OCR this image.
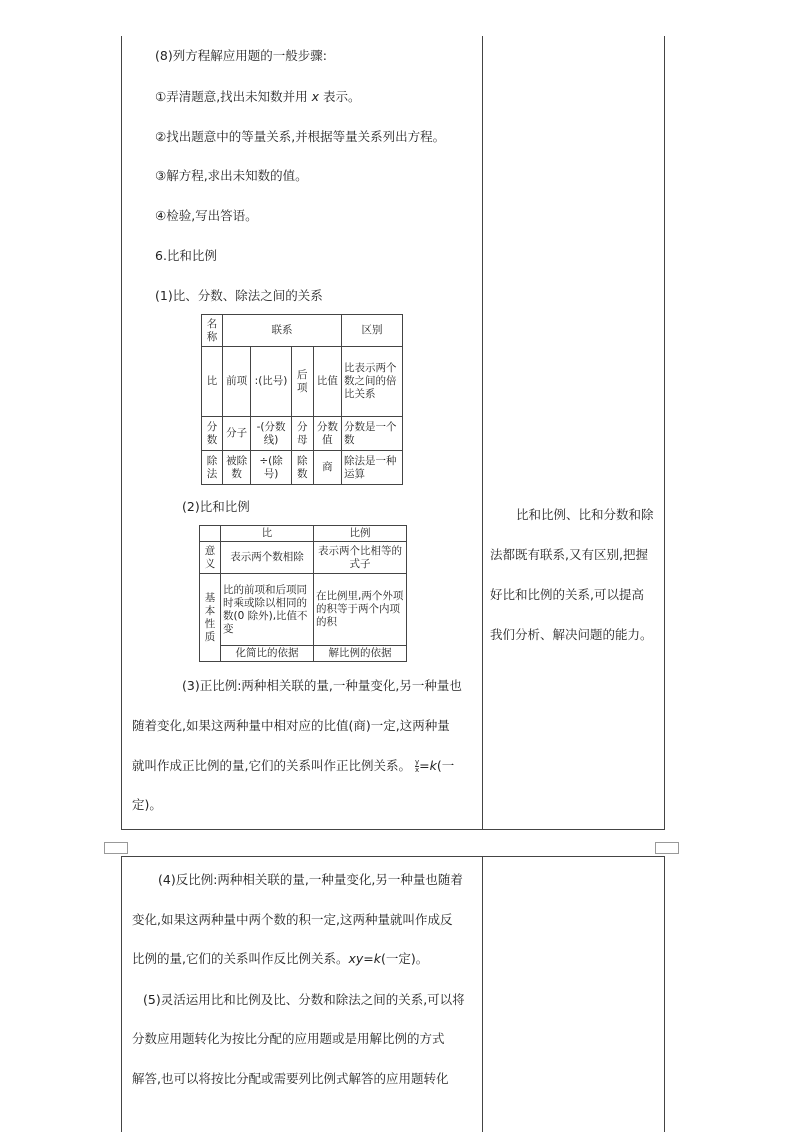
(8)列方程解应用题的一般步骤:
①弄清题意,找出未知数并用 x 表示。
②找出题意中的等量关系,并根据等量关系列出方程。
③解方程,求出未知数的值。
④检验,写出答语。
6.比和比例
(1)比、分数、除法之间的关系
名称	联系				区别
比	前项	:(比号)	后项	比值	比表示两个数之间的倍比关系
分数	分子	-(分数线)	分母	分数值	分数是一个数
除法	被除数	÷(除号)	除数	商	除法是一种运算
(2)比和比例
	比	比例
意义	表示两个数相除	表示两个比相等的式子
基本性质	比的前项和后项同时乘或除以相同的数(0 除外),比值不变	在比例里,两个外项的积等于两个内项的积
	化简比的依据	解比例的依据
(3)正比例:两种相关联的量,一种量变化,另一种量也
随着变化,如果这两种量中相对应的比值(商)一定,这两种量
就叫作成正比例的量,它们的关系叫作正比例关系。 $\frac{y}{x} =k$(一
定)。
比和比例、比和分数和除
法都既有联系,又有区别,把握
好比和比例的关系,可以提高
我们分析、解决问题的能力。
(4)反比例:两种相关联的量,一种量变化,另一种量也随着
变化,如果这两种量中两个数的积一定,这两种量就叫作成反
比例的量,它们的关系叫作反比例关系。xy=k(一定)。
(5)灵活运用比和比例及比、分数和除法之间的关系,可以将
分数应用题转化为按比分配的应用题或是用解比例的方式
解答,也可以将按比分配或需要列比例式解答的应用题转化
